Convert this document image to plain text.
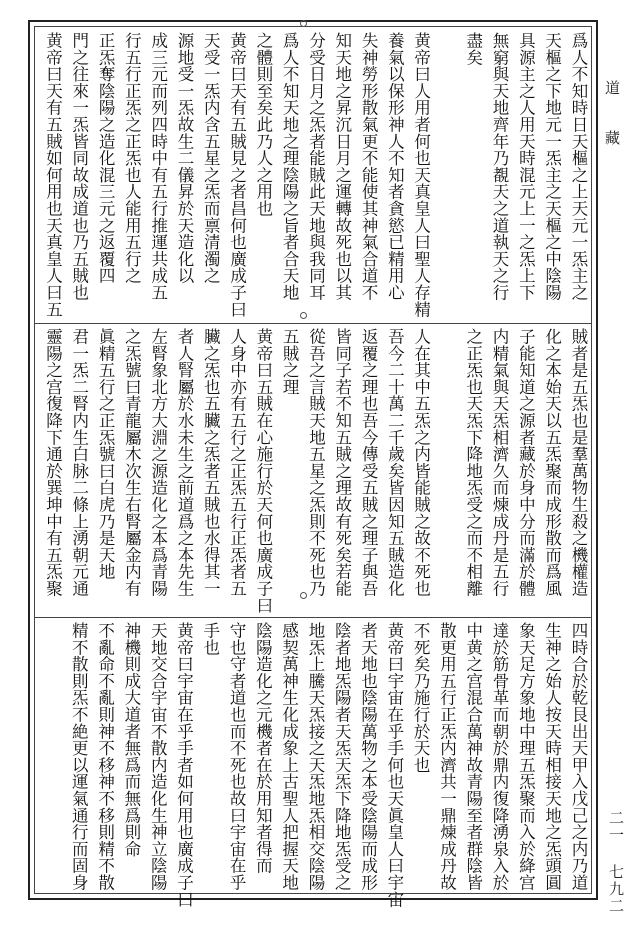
道
藏
二一 七九二
爲人不知時日天樞之上天元一炁主之
天樞之下地元一炁主之天樞之中陰陽
具源主之人用天時混元上一之炁上下
無窮與天地齊年乃覩天之道執天之行
盡矣
黄帝曰人用者何也天真皇人曰聖人存精
養氣以保形神人不知者貪慾已精用心
失神勞形散氣更不能使其神氣合道不
知天地之昇沉日月之運轉故死也以其
分受日月之炁者能賊此天地與我同耳
爲人不知天地之理陰陽之旨者合天地
之體則至矣此乃人之用也
黄帝曰天有五賊見之者昌何也廣成子曰
天受一炁内含五星之炁而禀清濁之
源地受一炁故生二儀昇於天造化以
成三元而列四時中有五行推運共成五
行五行正炁之正炁也人能用五行之
正炁奪陰陽之造化混三元之返覆四
門之往來一炁皆同故成道也乃五賊也
黄帝曰天有五賊如何用也天真皇人曰五
賊者是五炁也是羣萬物生殺之機權造
化之本始天以五炁聚而成形散而爲風
子能知道之源者藏於身中分而滿於體
内精氣與天炁相濟久而煉成丹是五行
之正炁也天炁下降地炁受之而不相離
人在其中五炁之内皆能賊之故不死也
吾今二十萬二千歲矣皆因知五賊造化
返覆之理也吾今傳受五賊之理子與吾
皆同子若不知五賊之理故有死矣若能
從吾之言賊天地五星之炁則不死也乃
五賊之理
黄帝曰五賊在心施行於天何也廣成子曰
人身中亦有五行之正炁五行正炁者五
臟之炁也五臟之炁者五賊也水得其一
者人腎屬於水未生之前道爲之本先生
左腎象北方大淵之源造化之本爲青陽
之炁號曰青龍屬木次生右腎屬金内有
眞精五行之正炁號曰白虎乃是天地
君一炁二腎内生白脉二條上湧朝元通
靈陽之宫復降下通於巽坤中有五炁聚
四時合於乾艮出天甲入戊己之内乃道
生神之始人按天時相接天地之炁頭圓
象天足方象地中理五炁聚而入於絳宫
達於筋骨革而朝於鼎内復降湧泉入於
中黄之宫混合萬神故青陽至者群陰皆
散更用五行正炁内濟共一鼎煉成丹故
不死矣乃施行於天也
黄帝曰宇宙在乎手何也天眞皇人曰宇宙
者天地也陰陽萬物之本受陰陽而成形
陰者地炁陽者天炁天炁下降地炁受之
地炁上騰天炁接之天炁地炁相交陰陽
感契萬神生化成象上古聖人把握天地
陰陽造化之元機者在於用知者得而
守也守者道也而不死也故曰宇宙在乎
手也
黄帝曰宇宙在乎手者如何用也廣成子曰
天地交合宇宙不散内造化生神立陰陽
神機則成大道者無爲而無爲則命
不亂命不亂則神不移神不移則精不散
精不散則炁不絶更以運氣通行而固身
